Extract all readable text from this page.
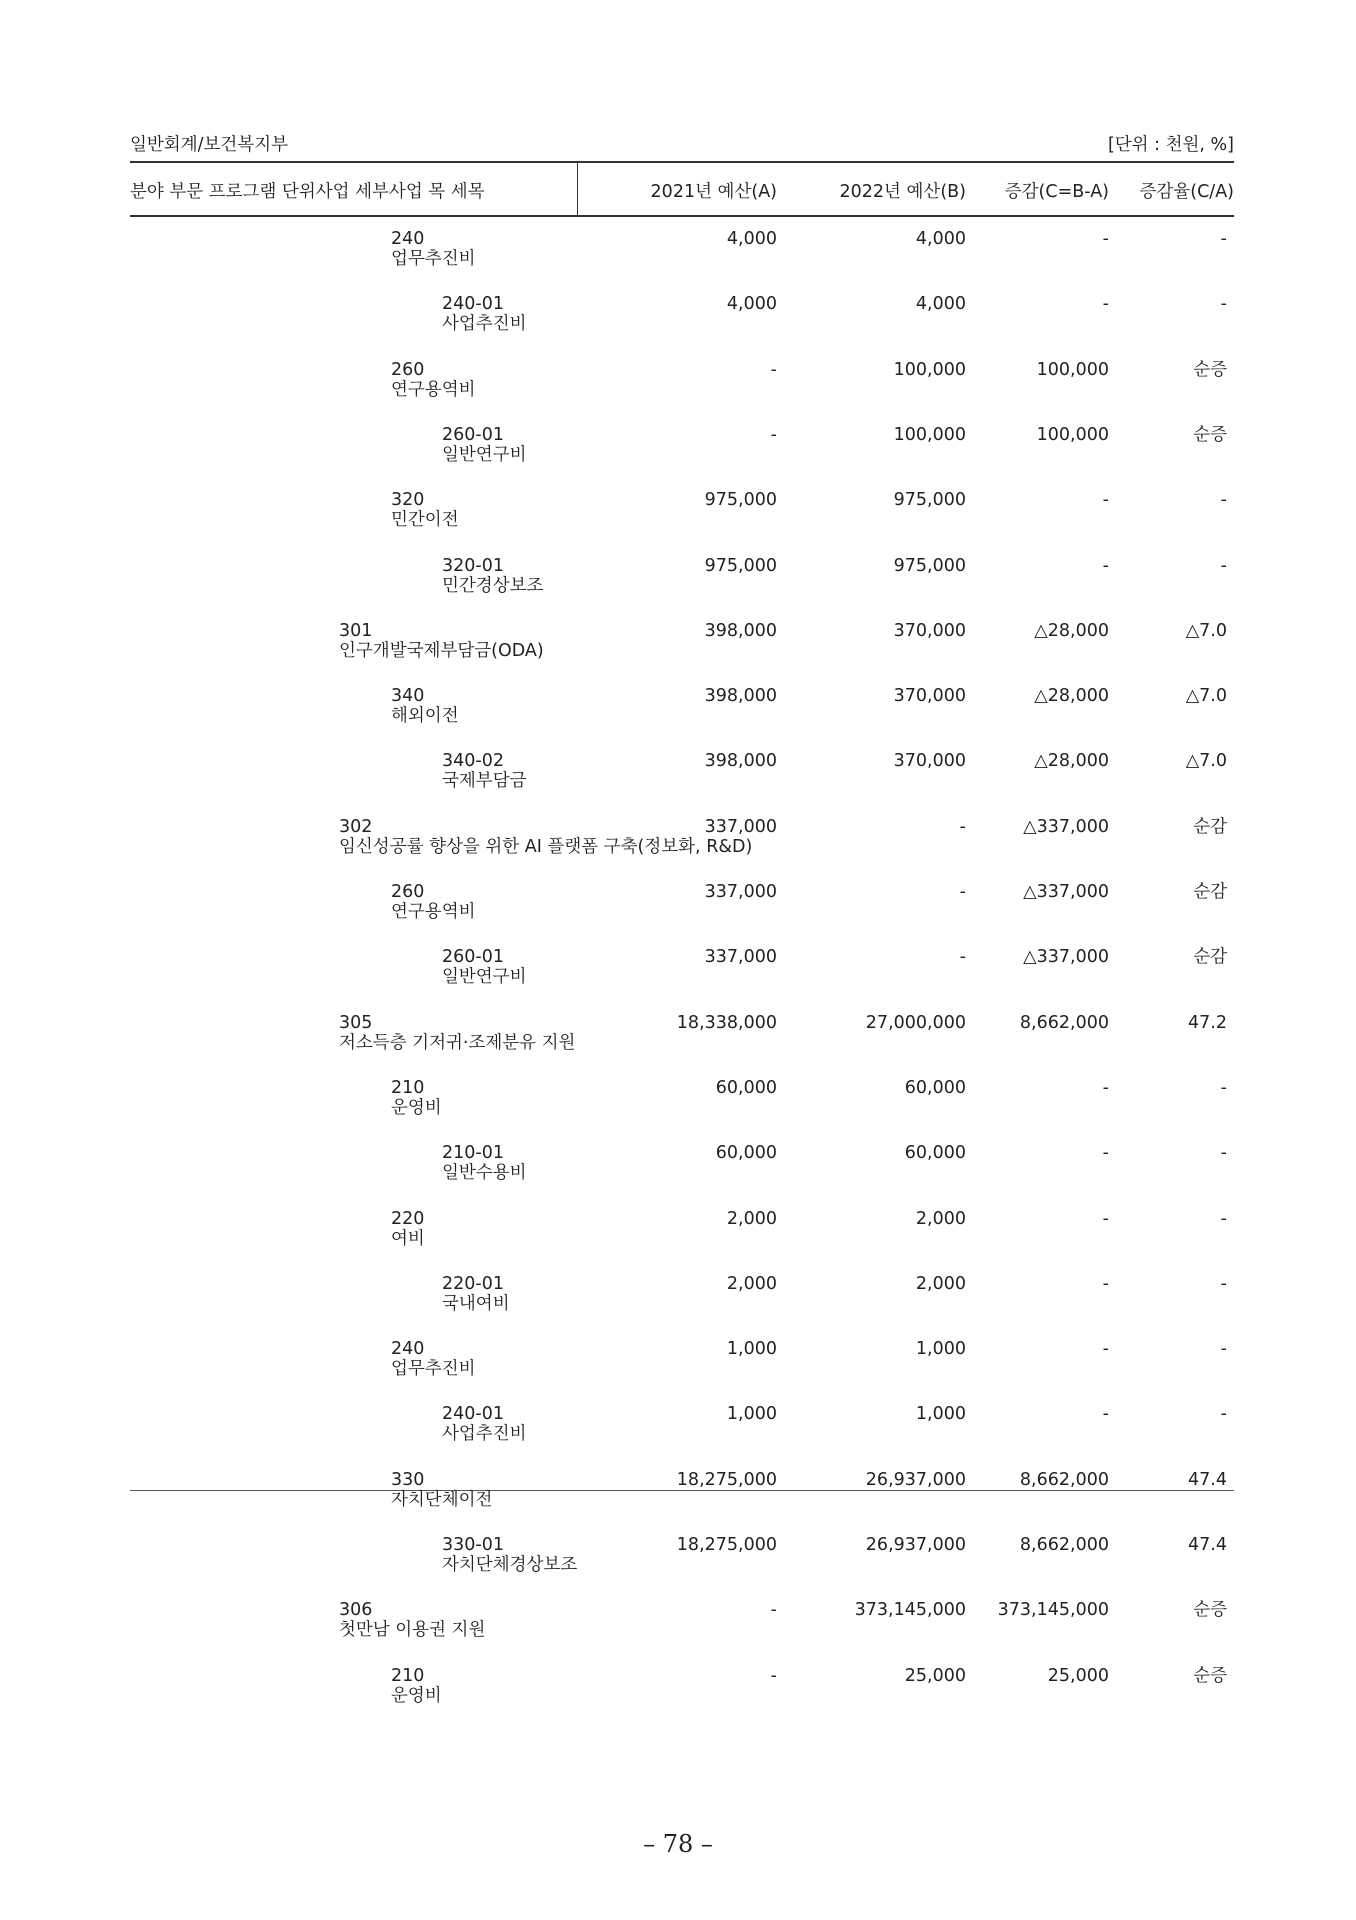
일반회계/보건복지부	[단위 : 천원, %]
분야 부문 프로그램 단위사업 세부사업 목 세목	2021년 예산(A)	2022년 예산(B) 증감(C=B-A) 증감율(C/A)
240
업무추진비
4,000	4,000	-	-
240-01
사업추진비
4,000	4,000	-	-
260
연구용역비
-	100,000	100,000	순증
260-01
일반연구비
-	100,000	100,000	순증
320
민간이전
975,000	975,000	-	-
320-01
민간경상보조
975,000	975,000	-	-
301
인구개발국제부담금(ODA)
398,000	370,000	△28,000	△7.0
340
해외이전
398,000	370,000	△28,000	△7.0
340-02
국제부담금
398,000	370,000	△28,000	△7.0
302
임신성공률 향상을 위한 AI 플랫폼 구축(정보화, R&D)
337,000	-	△337,000	순감
260
연구용역비
337,000	-	△337,000	순감
260-01
일반연구비
337,000	-	△337,000	순감
305
저소득층 기저귀·조제분유 지원
18,338,000	27,000,000	8,662,000	47.2
210
운영비
60,000	60,000	-	-
210-01
일반수용비
60,000	60,000	-	-
220
여비
2,000	2,000	-	-
220-01
국내여비
2,000	2,000	-	-
240
업무추진비
1,000	1,000	-	-
240-01
사업추진비
1,000	1,000	-	-
330
자치단체이전
18,275,000	26,937,000	8,662,000	47.4
330-01
자치단체경상보조
18,275,000	26,937,000	8,662,000	47.4
306
첫만남 이용권 지원
-	373,145,000 373,145,000	순증
210
운영비
-	25,000	25,000	순증
– 78 –
